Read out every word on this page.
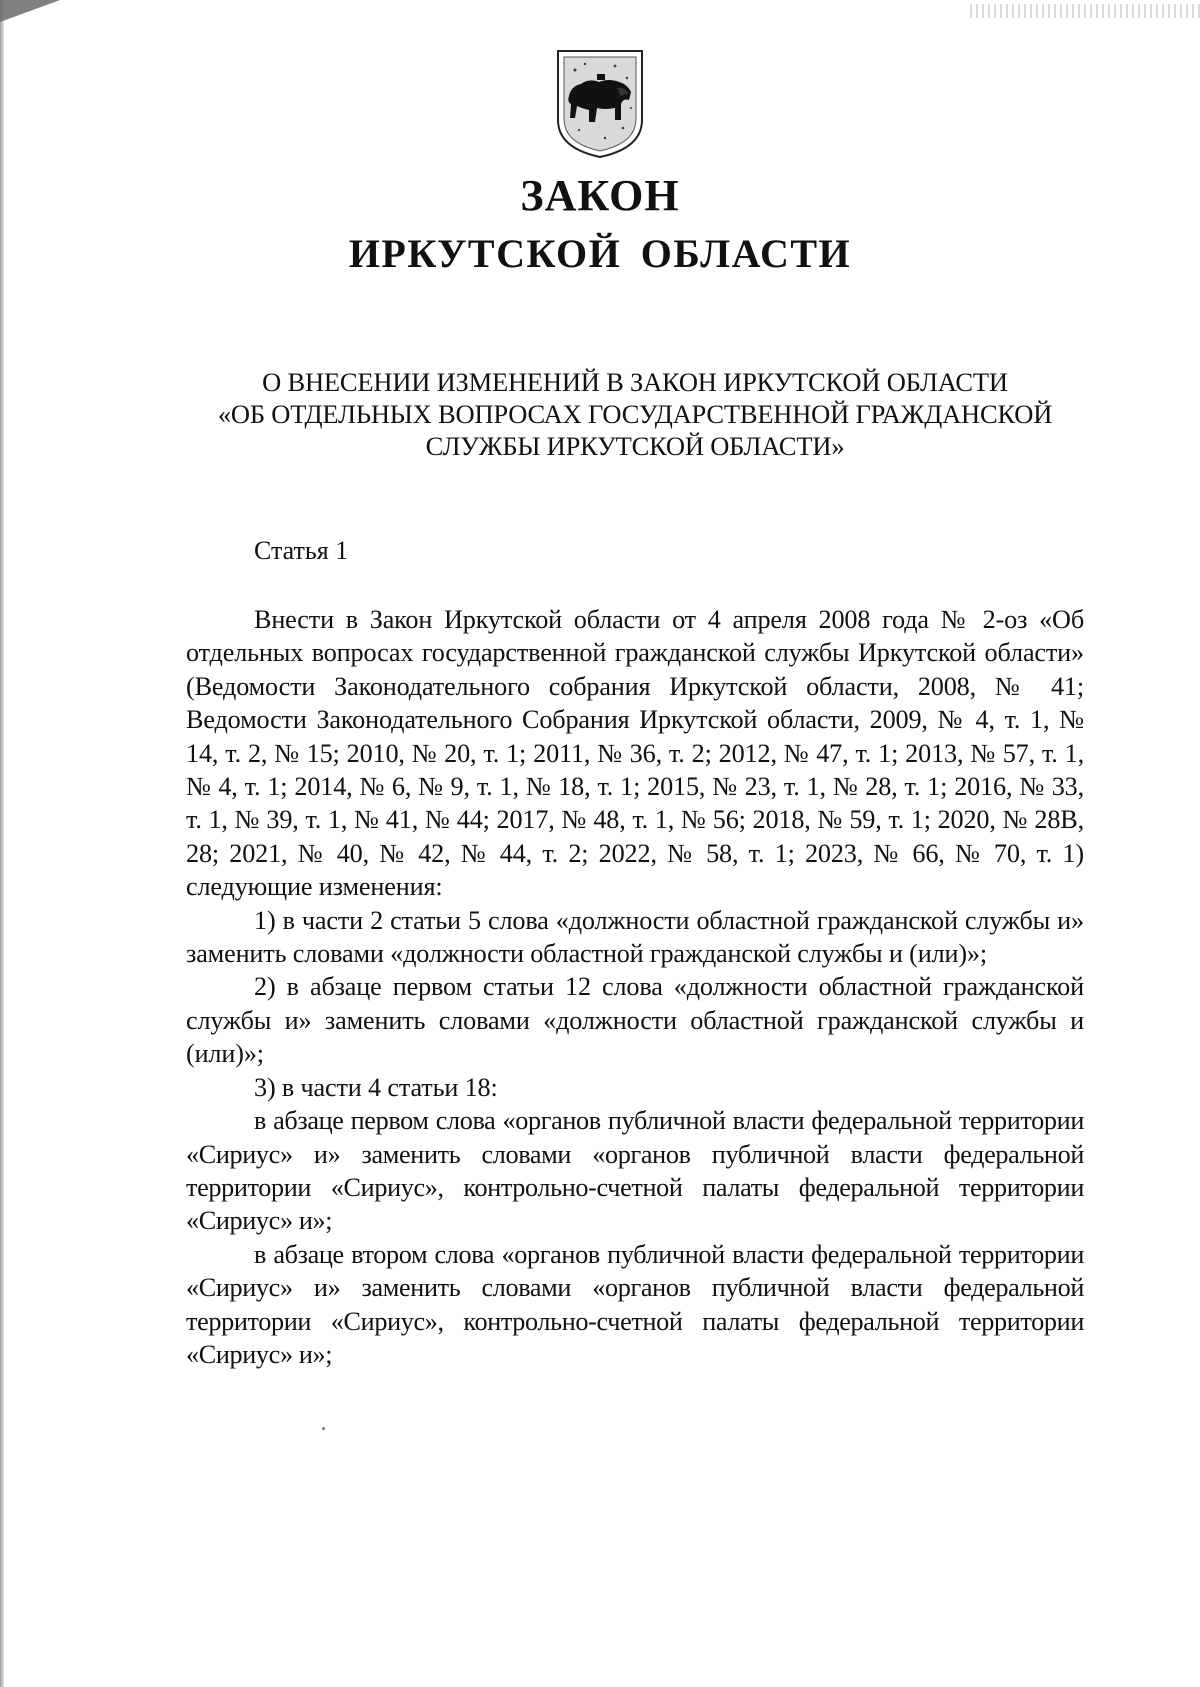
ЗАКОН
ИРКУТСКОЙ ОБЛАСТИ
О ВНЕСЕНИИ ИЗМЕНЕНИЙ В ЗАКОН ИРКУТСКОЙ ОБЛАСТИ
«ОБ ОТДЕЛЬНЫХ ВОПРОСАХ ГОСУДАРСТВЕННОЙ ГРАЖДАНСКОЙ
СЛУЖБЫ ИРКУТСКОЙ ОБЛАСТИ»
Статья 1

Внести в Закон Иркутской области от 4 апреля 2008 года № 2-оз «Об отдельных вопросах государственной гражданской службы Иркутской области» (Ведомости Законодательного собрания Иркутской области, 2008, № 41; Ведомости Законодательного Собрания Иркутской области, 2009, № 4, т. 1, № 14, т. 2, № 15; 2010, № 20, т. 1; 2011, № 36, т. 2; 2012, № 47, т. 1; 2013, № 57, т. 1, № 4, т. 1; 2014, № 6, № 9, т. 1, № 18, т. 1; 2015, № 23, т. 1, № 28, т. 1; 2016, № 33, т. 1, № 39, т. 1, № 41, № 44; 2017, № 48, т. 1, № 56; 2018, № 59, т. 1; 2020, № 28В, 28; 2021, № 40, № 42, № 44, т. 2; 2022, № 58, т. 1; 2023, № 66, № 70, т. 1) следующие изменения:

1) в части 2 статьи 5 слова «должности областной гражданской службы и» заменить словами «должности областной гражданской службы и (или)»;

2) в абзаце первом статьи 12 слова «должности областной гражданской службы и» заменить словами «должности областной гражданской службы и (или)»;

3) в части 4 статьи 18:

в абзаце первом слова «органов публичной власти федеральной территории «Сириус» и» заменить словами «органов публичной власти федеральной территории «Сириус», контрольно-счетной палаты федеральной территории «Сириус» и»;

в абзаце втором слова «органов публичной власти федеральной территории «Сириус» и» заменить словами «органов публичной власти федеральной территории «Сириус», контрольно-счетной палаты федеральной территории «Сириус» и»;
